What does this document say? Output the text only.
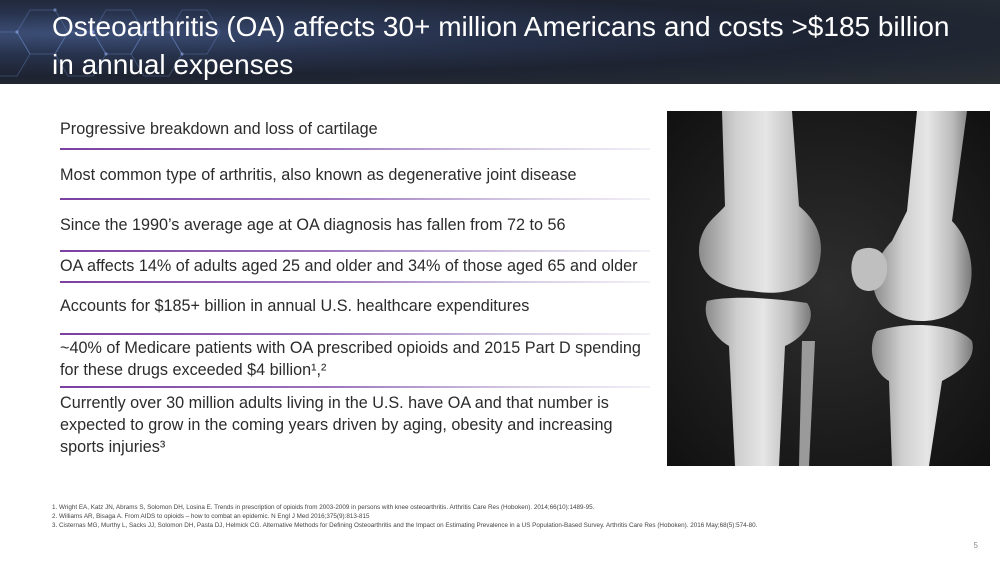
Osteoarthritis (OA) affects 30+ million Americans and costs >$185 billion in annual expenses
Progressive breakdown and loss of cartilage
Most common type of arthritis, also known as degenerative joint disease
Since the 1990’s average age at OA diagnosis has fallen from 72 to 56
OA affects 14% of adults aged 25 and older and 34% of those aged 65 and older
Accounts for $185+ billion in annual U.S. healthcare expenditures
~40% of Medicare patients with OA prescribed opioids and 2015 Part D spending for these drugs exceeded $4 billion¹,²
Currently over 30 million adults living in the U.S. have OA and that number is expected to grow in the coming years driven by aging, obesity and increasing sports injuries³
1. Wright EA, Katz JN, Abrams S, Solomon DH, Losina E. Trends in prescription of opioids from 2003-2009 in persons with knee osteoarthritis. Arthritis Care Res (Hoboken). 2014;66(10):1489-95.
2. Williams AR, Bisaga A. From AIDS to opioids – how to combat an epidemic. N Engl J Med 2016;375(9):813-815
3. Cisternas MG, Murthy L, Sacks JJ, Solomon DH, Pasta DJ, Helmick CG. Alternative Methods for Defining Osteoarthritis and the Impact on Estimating Prevalence in a US Population-Based Survey. Arthritis Care Res (Hoboken). 2016 May;68(5):574-80.
5
